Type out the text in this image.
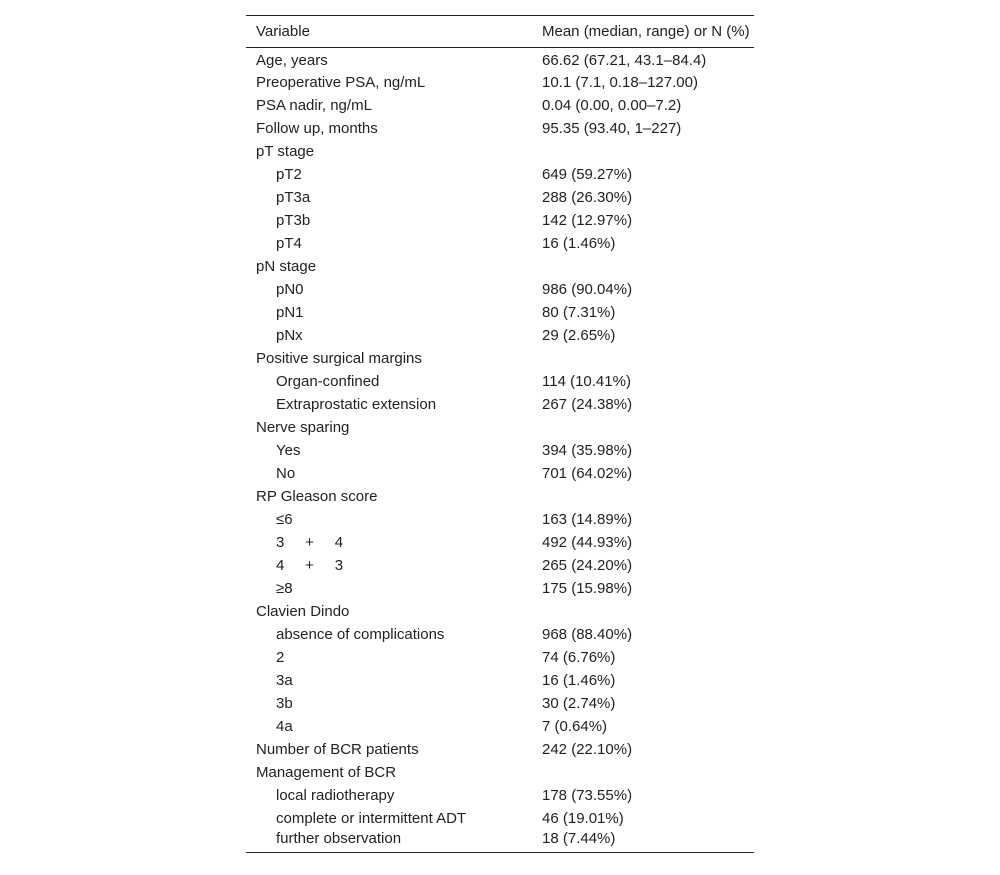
Variable	Mean (median, range) or N (%)
Age, years	66.62 (67.21, 43.1–84.4)
Preoperative PSA, ng/mL	10.1 (7.1, 0.18–127.00)
PSA nadir, ng/mL	0.04 (0.00, 0.00–7.2)
Follow up, months	95.35 (93.40, 1–227)
pT stage	
pT2	649 (59.27%)
pT3a	288 (26.30%)
pT3b	142 (12.97%)
pT4	16 (1.46%)
pN stage	
pN0	986 (90.04%)
pN1	80 (7.31%)
pNx	29 (2.65%)
Positive surgical margins	
Organ-confined	114 (10.41%)
Extraprostatic extension	267 (24.38%)
Nerve sparing	
Yes	394 (35.98%)
No	701 (64.02%)
RP Gleason score	
≤6	163 (14.89%)
3     +     4	492 (44.93%)
4     +     3	265 (24.20%)
≥8	175 (15.98%)
Clavien Dindo	
absence of complications	968 (88.40%)
2	74 (6.76%)
3a	16 (1.46%)
3b	30 (2.74%)
4a	7 (0.64%)
Number of BCR patients	242 (22.10%)
Management of BCR	
local radiotherapy	178 (73.55%)
complete or intermittent ADT	46 (19.01%)
further observation	18 (7.44%)
